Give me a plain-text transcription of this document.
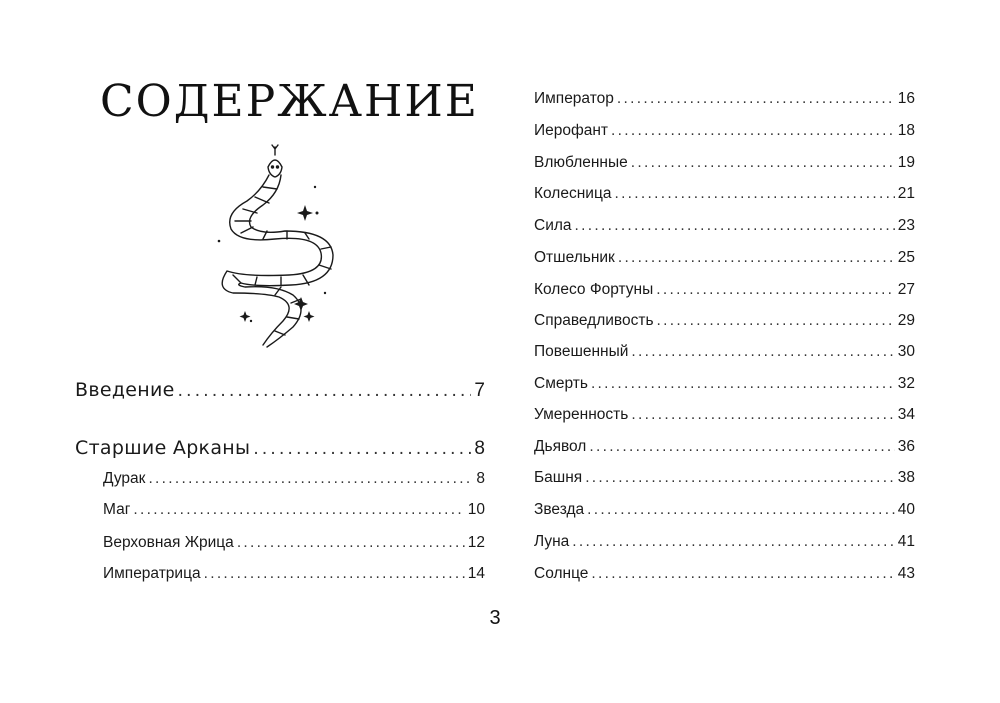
СОДЕРЖАНИЕ
Введение . . .	7
Старшие Арканы . . .	8
Дурак . . .	8
Маг . . .	10
Верховная Жрица . . .	12
Императрица . . .	14
Император . . .	16
Иерофант . . .	18
Влюбленные . . .	19
Колесница . . .	21
Сила . . .	23
Отшельник . . .	25
Колесо Фортуны . . .	27
Справедливость . . .	29
Повешенный . . .	30
Смерть . . .	32
Умеренность . . .	34
Дьявол . . .	36
Башня . . .	38
Звезда . . .	40
Луна . . .	41
Солнце . . .	43
3
